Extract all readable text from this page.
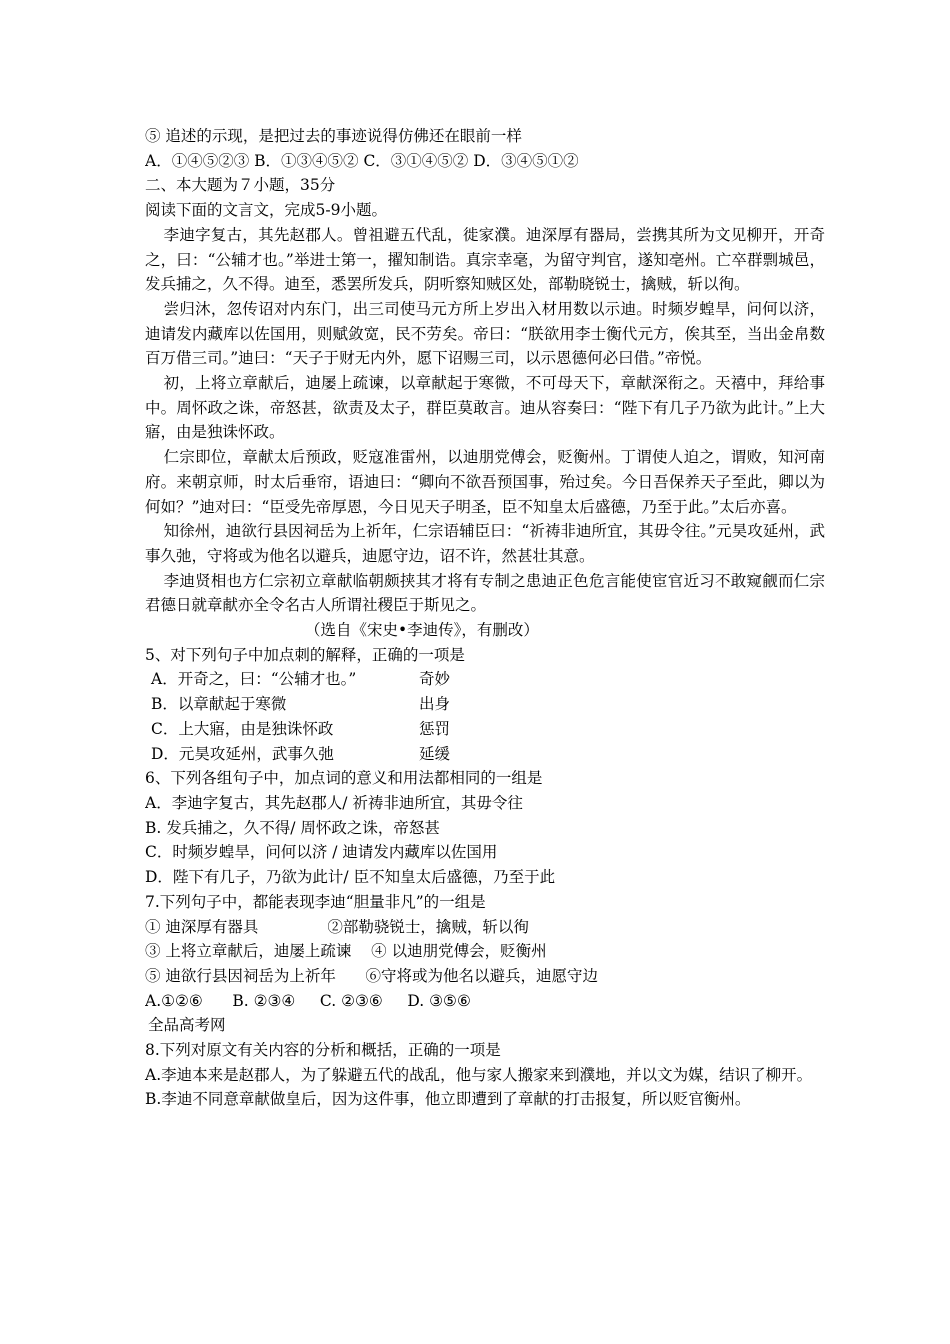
⑤ 追述的示现，是把过去的事迹说得仿佛还在眼前一样
A．①④⑤②③ B．①③④⑤② C．③①④⑤② D．③④⑤①②
二、本大题为７小题，35分
阅读下面的文言文，完成5-9小题。
李迪字复古，其先赵郡人。曾祖避五代乱，徙家濮。迪深厚有器局，尝携其所为文见柳开，开奇之，曰：“公辅才也。”举进士第一，擢知制诰。真宗幸毫，为留守判官，遂知亳州。亡卒群剽城邑，发兵捕之，久不得。迪至，悉罢所发兵，阴听察知贼区处，部勒晓锐士，擒贼，斩以徇。
尝归沐，忽传诏对内东门，出三司使马元方所上岁出入材用数以示迪。时频岁蝗旱，问何以济，迪请发内藏库以佐国用，则赋敛宽，民不劳矣。帝曰：“朕欲用李士衡代元方，俟其至，当出金帛数百万借三司。”迪曰：“天子于财无内外，愿下诏赐三司，以示恩德何必曰借。”帝悦。
初，上将立章献后，迪屡上疏谏，以章献起于寒微，不可母天下，章献深衔之。天禧中，拜给事中。周怀政之诛，帝怒甚，欲责及太子，群臣莫敢言。迪从容奏曰：“陛下有几子乃欲为此计。”上大寤，由是独诛怀政。
仁宗即位，章献太后预政，贬寇准雷州，以迪朋党傅会，贬衡州。丁谓使人迫之，谓败，知河南府。来朝京师，时太后垂帘，语迪曰：“卿向不欲吾预国事，殆过矣。今日吾保养天子至此，卿以为何如？”迪对曰：“臣受先帝厚恩，今日见天子明圣，臣不知皇太后盛德，乃至于此。”太后亦喜。
知徐州，迪欲行县因祠岳为上祈年，仁宗语辅臣曰：“祈祷非迪所宜，其毋令往。”元昊攻延州，武事久弛，守将或为他名以避兵，迪愿守边，诏不许，然甚壮其意。
李迪贤相也方仁宗初立章献临朝颇挟其才将有专制之患迪正色危言能使宦官近习不敢窥觎而仁宗君德日就章献亦全令名古人所谓社稷臣于斯见之。
（选自《宋史•李迪传》，有删改）
5、对下列句子中加点刺的解释，正确的一项是
A．开奇之，曰：“公辅才也。”	奇妙
B．以章献起于寒微	出身
C．上大寤，由是独诛怀政	惩罚
D．元昊攻延州，武事久弛	延缓
6、下列各组句子中，加点词的意义和用法都相同的一组是
A．李迪字复古，其先赵郡人/ 祈祷非迪所宜，其毋令往
B. 发兵捕之，久不得/ 周怀政之诛，帝怒甚
C．时频岁蝗旱，问何以济 / 迪请发内藏库以佐国用
D．陛下有几子，乃欲为此计/ 臣不知皇太后盛德，乃至于此
7.下列句子中，都能表现李迪“胆量非凡”的一组是
① 迪深厚有器具              ②部勒骁锐士，擒贼，斩以徇
③ 上将立章献后，迪屡上疏谏    ④ 以迪朋党傅会，贬衡州
⑤ 迪欲行县因祠岳为上祈年      ⑥守将或为他名以避兵，迪愿守边
A.①②⑥      B. ②③④     C. ②③⑥     D. ③⑤⑥
全品高考网
8.下列对原文有关内容的分析和概括，正确的一项是
A.李迪本来是赵郡人，为了躲避五代的战乱，他与家人搬家来到濮地，并以文为媒，结识了柳开。
B.李迪不同意章献做皇后，因为这件事，他立即遭到了章献的打击报复，所以贬官衡州。
